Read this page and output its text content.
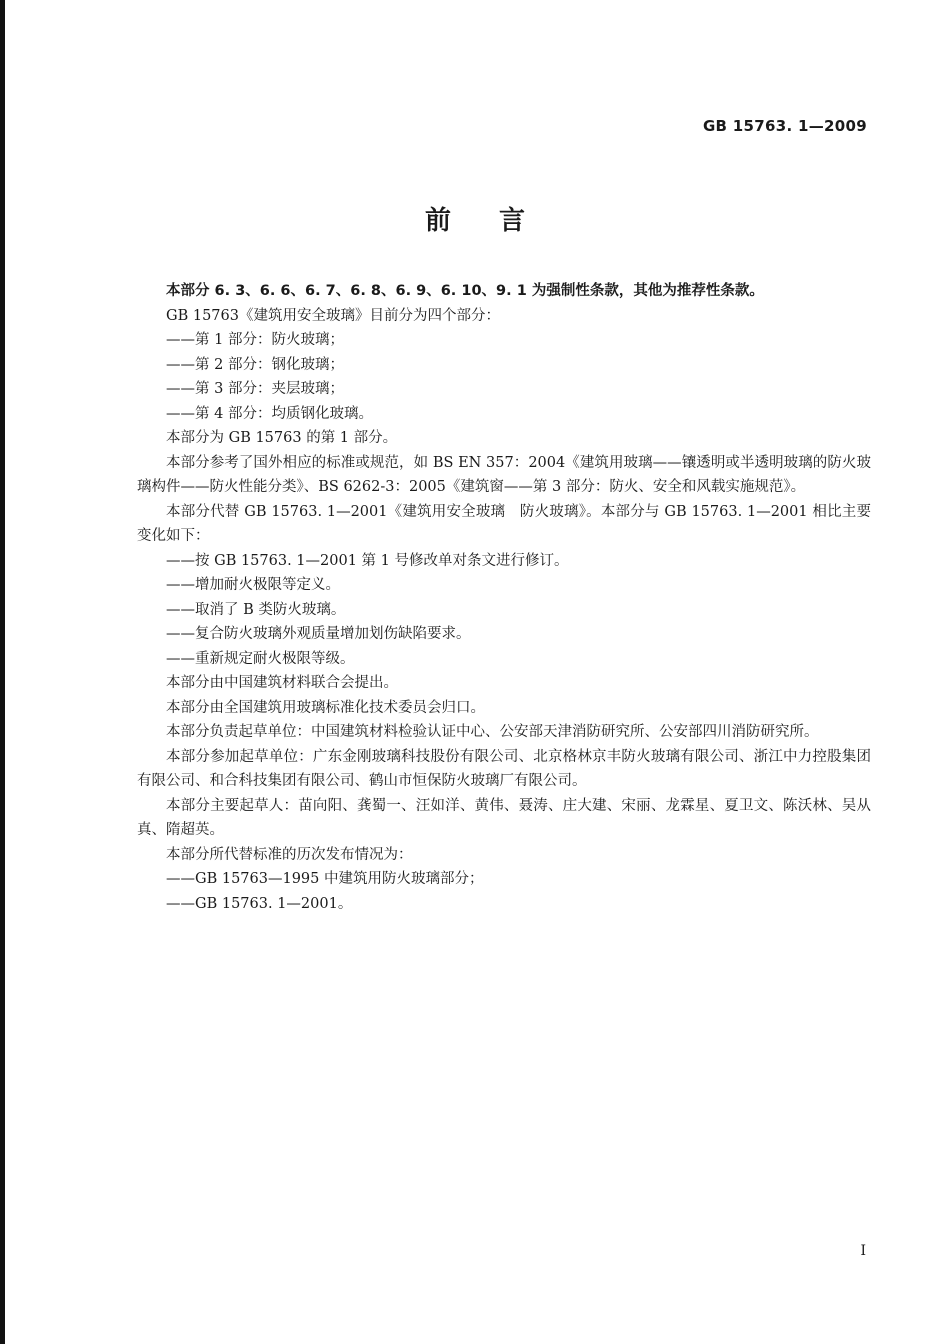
GB 15763. 1—2009
前言

本部分 6. 3、6. 6、6. 7、6. 8、6. 9、6. 10、9. 1 为强制性条款，其他为推荐性条款。

GB 15763《建筑用安全玻璃》目前分为四个部分：

——第 1 部分：防火玻璃；

——第 2 部分：钢化玻璃；

——第 3 部分：夹层玻璃；

——第 4 部分：均质钢化玻璃。

本部分为 GB 15763 的第 1 部分。

本部分参考了国外相应的标准或规范，如 BS EN 357：2004《建筑用玻璃——镶透明或半透明玻璃的防火玻璃构件——防火性能分类》、BS 6262-3：2005《建筑窗——第 3 部分：防火、安全和风载实施规范》。

本部分代替 GB 15763. 1—2001《建筑用安全玻璃　防火玻璃》。本部分与 GB 15763. 1—2001 相比主要变化如下：

——按 GB 15763. 1—2001 第 1 号修改单对条文进行修订。

——增加耐火极限等定义。

——取消了 B 类防火玻璃。

——复合防火玻璃外观质量增加划伤缺陷要求。

——重新规定耐火极限等级。

本部分由中国建筑材料联合会提出。

本部分由全国建筑用玻璃标准化技术委员会归口。

本部分负责起草单位：中国建筑材料检验认证中心、公安部天津消防研究所、公安部四川消防研究所。

本部分参加起草单位：广东金刚玻璃科技股份有限公司、北京格林京丰防火玻璃有限公司、浙江中力控股集团有限公司、和合科技集团有限公司、鹤山市恒保防火玻璃厂有限公司。

本部分主要起草人：苗向阳、龚蜀一、汪如洋、黄伟、聂涛、庄大建、宋丽、龙霖星、夏卫文、陈沃林、吴从真、隋超英。

本部分所代替标准的历次发布情况为：

——GB 15763—1995 中建筑用防火玻璃部分；

——GB 15763. 1—2001。

I
